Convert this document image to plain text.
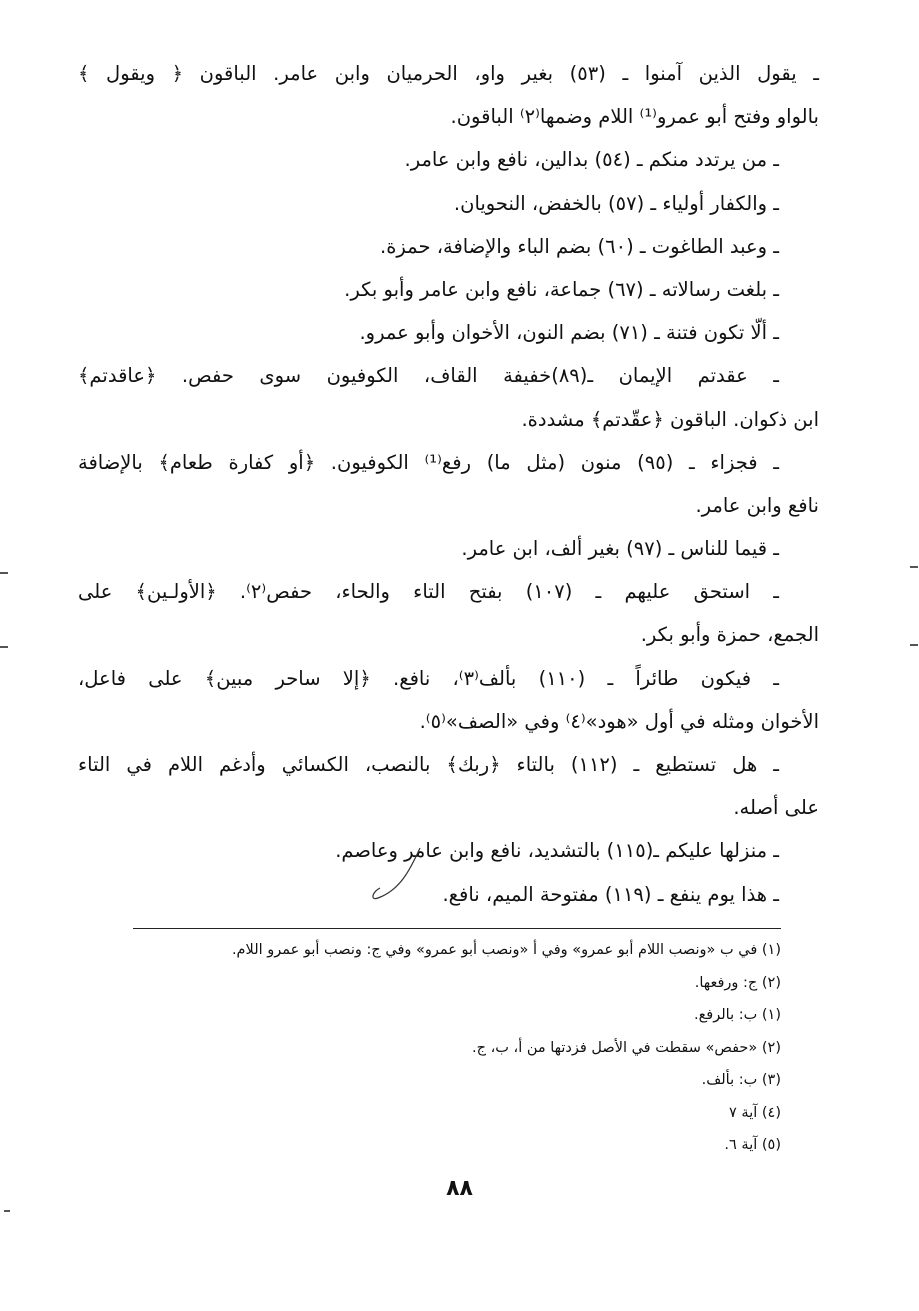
ـ يقول الذين آمنوا ـ (٥٣) بغير واو، الحرميان وابن عامر. الباقون ﴿ ويقول ﴾
بالواو وفتح أبو عمرو⁽¹⁾ اللام وضمها⁽٢⁾ الباقون.
ـ من يرتدد منكم ـ (٥٤) بدالين، نافع وابن عامر.
ـ والكفار أولياء ـ (٥٧) بالخفض، النحويان.
ـ وعبد الطاغوت ـ (٦٠) بضم الباء والإضافة، حمزة.
ـ بلغت رسالاته ـ (٦٧) جماعة، نافع وابن عامر وأبو بكر.
ـ ألّا تكون فتنة ـ (٧١) بضم النون، الأخوان وأبو عمرو.
ـ عقدتم الإيمان ـ(٨٩)خفيفة القاف، الكوفيون سوى حفص. ﴿عاقدتم﴾
ابن ذكوان. الباقون ﴿عقّدتم﴾ مشددة.
ـ فجزاء ـ (٩٥) منون (مثل ما) رفع⁽¹⁾ الكوفيون. ﴿أو كفارة طعام﴾ بالإضافة
نافع وابن عامر.
ـ قيما للناس ـ (٩٧) بغير ألف، ابن عامر.
ـ استحق عليهم ـ (١٠٧) بفتح التاء والحاء، حفص⁽٢⁾. ﴿الأولـين﴾ على
الجمع، حمزة وأبو بكر.
ـ فيكون طائراً ـ (١١٠) بألف⁽٣⁾، نافع. ﴿إلا ساحر مبين﴾ على فاعل،
الأخوان ومثله في أول «هود»⁽٤⁾ وفي «الصف»⁽٥⁾.
ـ هل تستطيع ـ (١١٢) بالتاء ﴿ربك﴾ بالنصب، الكسائي وأدغم اللام في التاء
على أصله.
ـ منزلها عليكم ـ(١١٥) بالتشديد، نافع وابن عامر وعاصم.
ـ هذا يوم ينفع ـ (١١٩) مفتوحة الميم، نافع.
(١) في ب «ونصب اللام أبو عمرو» وفي أ «ونصب أبو عمرو» وفي ج: ونصب أبو عمرو اللام.
(٢) ج: ورفعها.
(١) ب: بالرفع.
(٢) «حفص» سقطت في الأصل فزدتها من أ، ب، ج.
(٣) ب: بألف.
(٤) آية ٧
(٥) آية ٦.
٨٨
